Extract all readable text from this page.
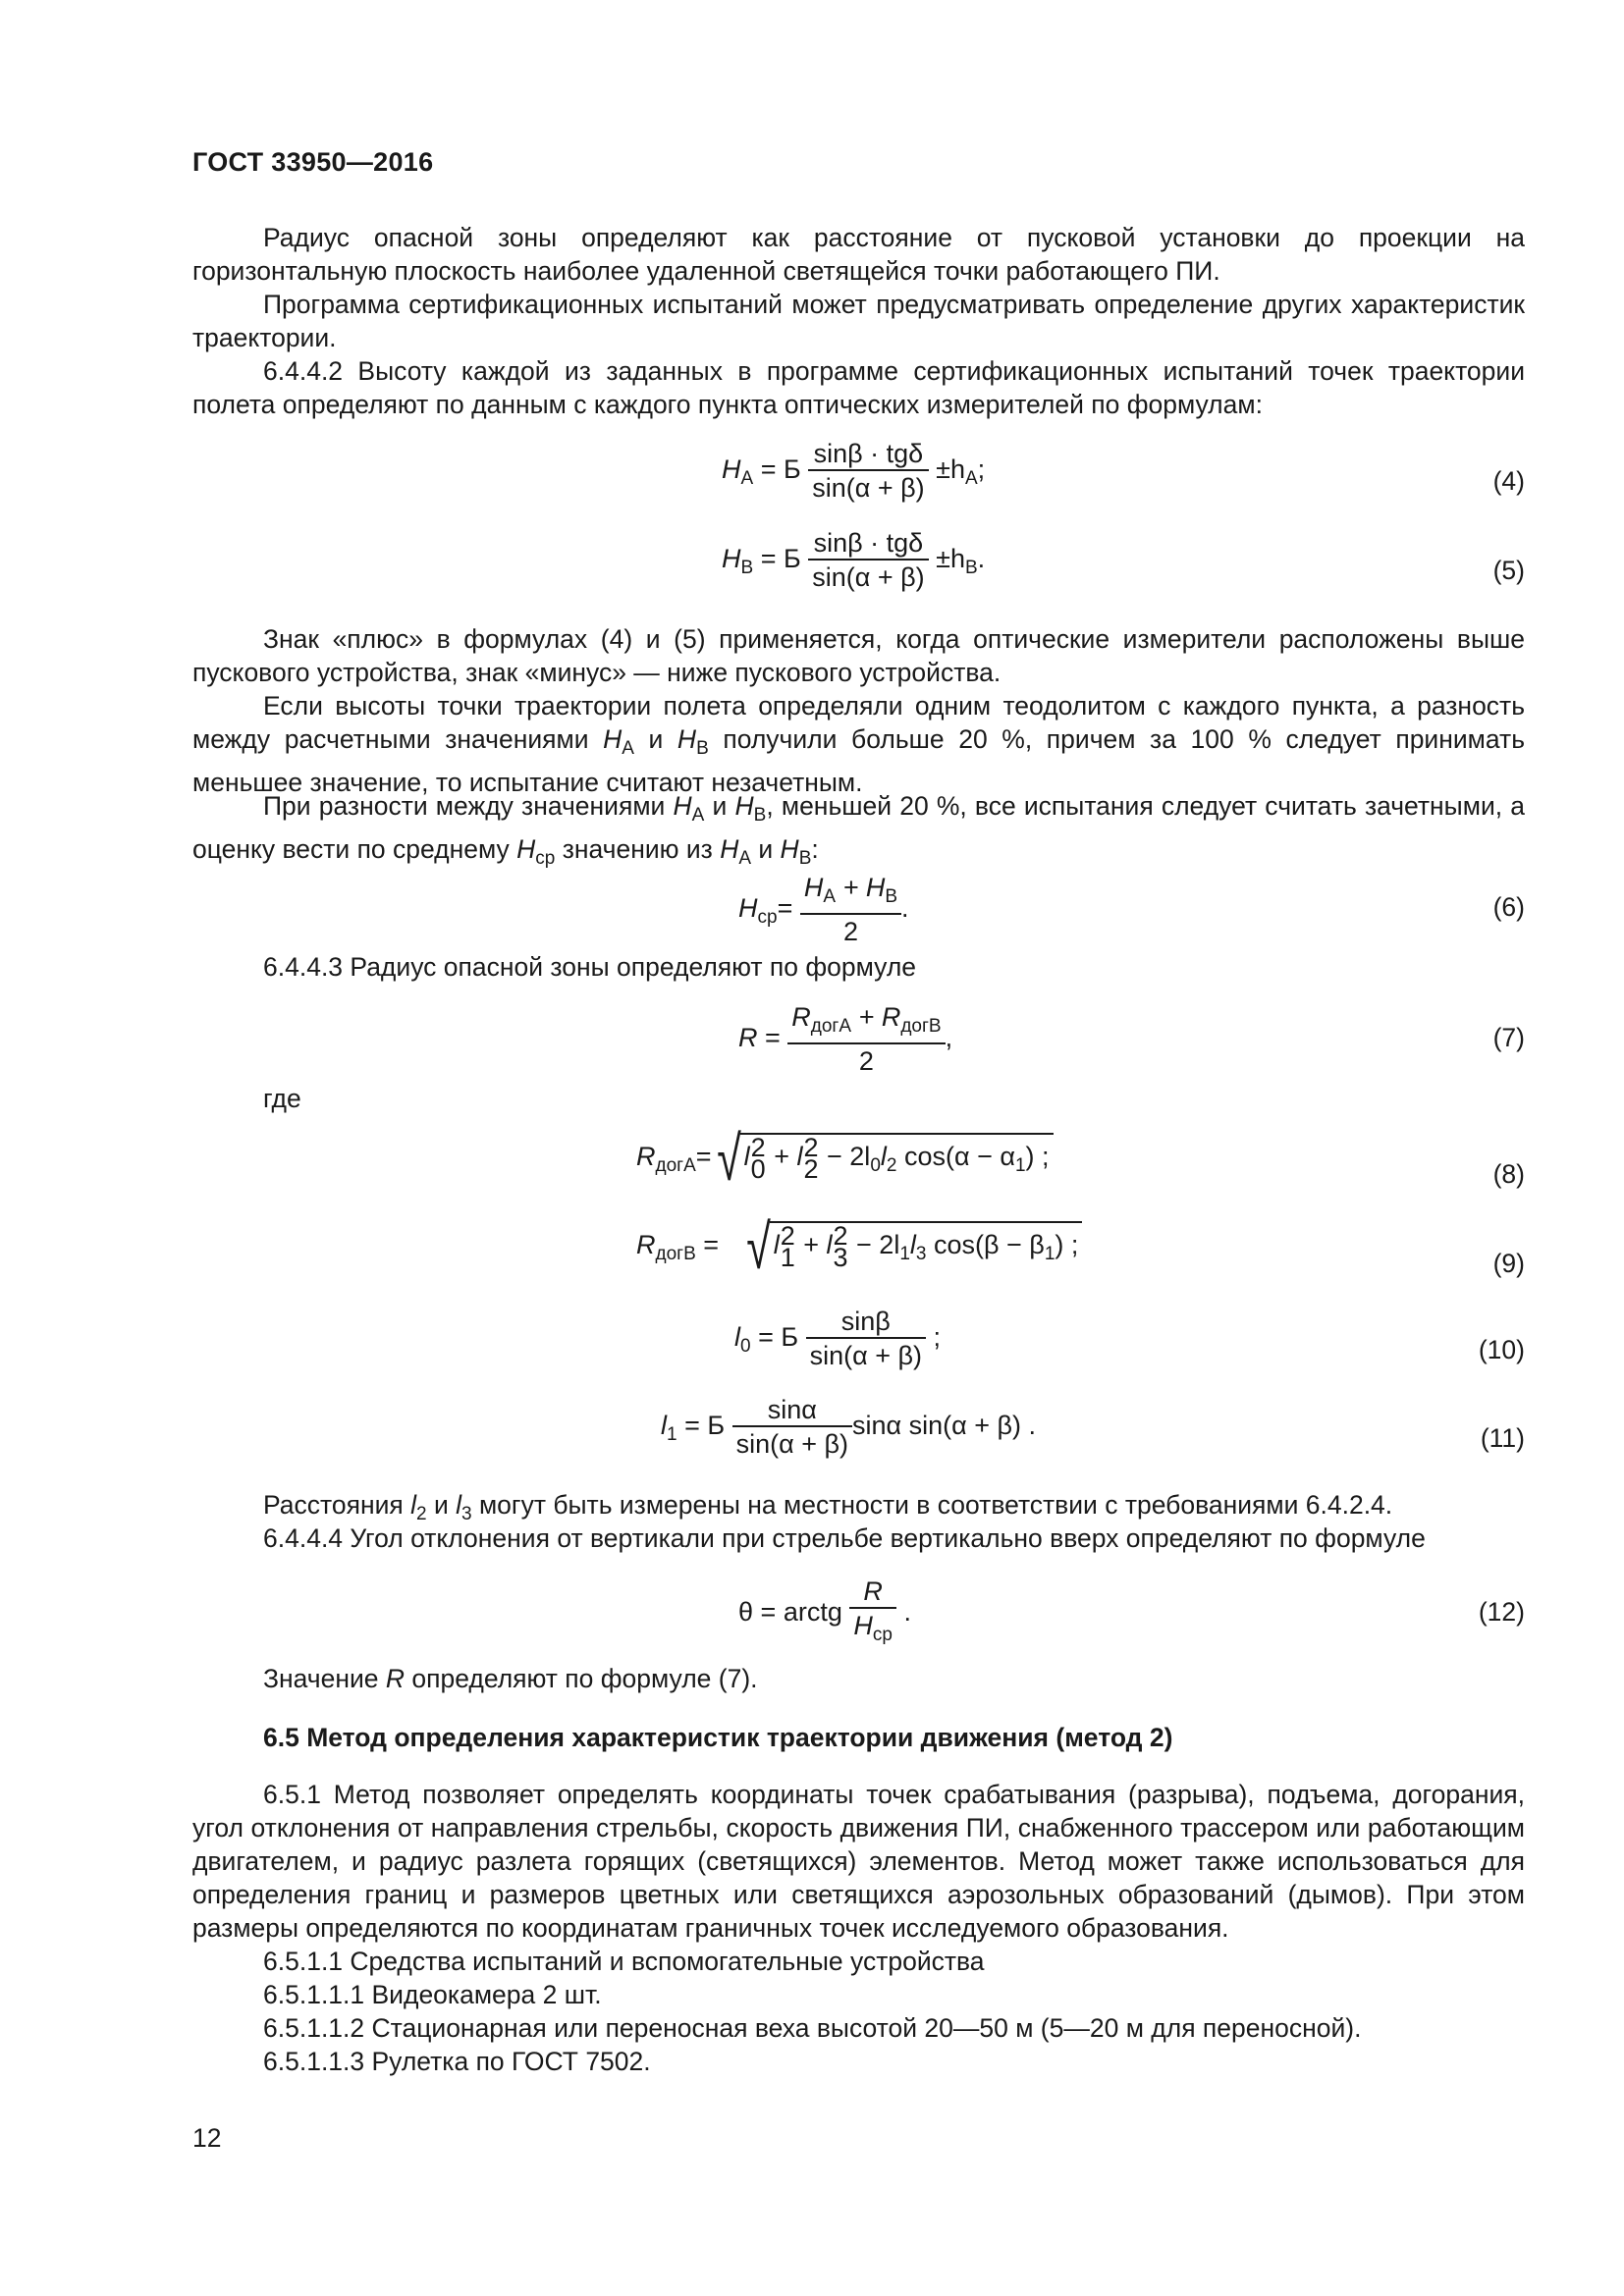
ГОСТ 33950—2016
Радиус опасной зоны определяют как расстояние от пусковой установки до проекции на горизонтальную плоскость наиболее удаленной светящейся точки работающего ПИ.
Программа сертификационных испытаний может предусматривать определение других характеристик траектории.
6.4.4.2 Высоту каждой из заданных в программе сертификационных испытаний точек траектории полета определяют по данным с каждого пункта оптических измерителей по формулам:
$H_A = Б \frac{\text{sinβ · tgδ}}{\sin(\alpha + \beta)} \pm h_A$;	(4)
$H_B = Б \frac{\text{sinβ · tgδ}}{\sin(\alpha + \beta)} \pm h_B$.	(5)
Знак «плюс» в формулах (4) и (5) применяется, когда оптические измерители расположены выше пускового устройства, знак «минус» — ниже пускового устройства.
Если высоты точки траектории полета определяли одним теодолитом с каждого пункта, а разность между расчетными значениями $H_A$ и $H_B$ получили больше 20 %, причем за 100 % следует принимать меньшее значение, то испытание считают незачетным.
При разности между значениями $H_A$ и $H_B$, меньшей 20 %, все испытания следует считать зачетными, а оценку вести по среднему $H_{ср}$ значению из $H_A$ и $H_B$:
$H_{ср}= \frac{H_A + H_B}{2}$ .	(6)
6.4.4.3 Радиус опасной зоны определяют по формуле
$R = \frac{R_{догА} + R_{догВ}}{2}$ ,	(7)
где
$R_{догА}=√$ l 2
0 + l 2
$2 - 2l_0l_2$ $\cos(\alpha - \alpha_1)$ ;
(8)
$R_{догВ}$ =   √ l 2
1 + l 2
$3 - 2l_1l_3$ $\cos(\beta - \beta_1)$ ;
(9)
$l_0 = Б \frac{\sin\beta}{\sin(\alpha + \beta)}$ ;	(10)
$l_1 = Б \frac{\sin\alpha}{\sin(\alpha + \beta)}$ sinα sin(α + β) .	(11)
Расстояния $l_2$ и $l_3$ могут быть измерены на местности в соответствии с требованиями 6.4.2.4.
6.4.4.4 Угол отклонения от вертикали при стрельбе вертикально вверх определяют по формуле
θ = arctg $\frac{R}{H_{ср}}$ .	(12)
Значение R определяют по формуле (7).
6.5 Метод определения характеристик траектории движения (метод 2)
6.5.1 Метод позволяет определять координаты точек срабатывания (разрыва), подъема, догорания, угол отклонения от направления стрельбы, скорость движения ПИ, снабженного трассером или работающим двигателем, и радиус разлета горящих (светящихся) элементов. Метод может также использоваться для определения границ и размеров цветных или светящихся аэрозольных образований (дымов). При этом размеры определяются по координатам граничных точек исследуемого образования.
6.5.1.1 Средства испытаний и вспомогательные устройства
6.5.1.1.1 Видеокамера 2 шт.
6.5.1.1.2 Стационарная или переносная веха высотой 20—50 м (5—20 м для переносной).
6.5.1.1.3 Рулетка по ГОСТ 7502.
12
